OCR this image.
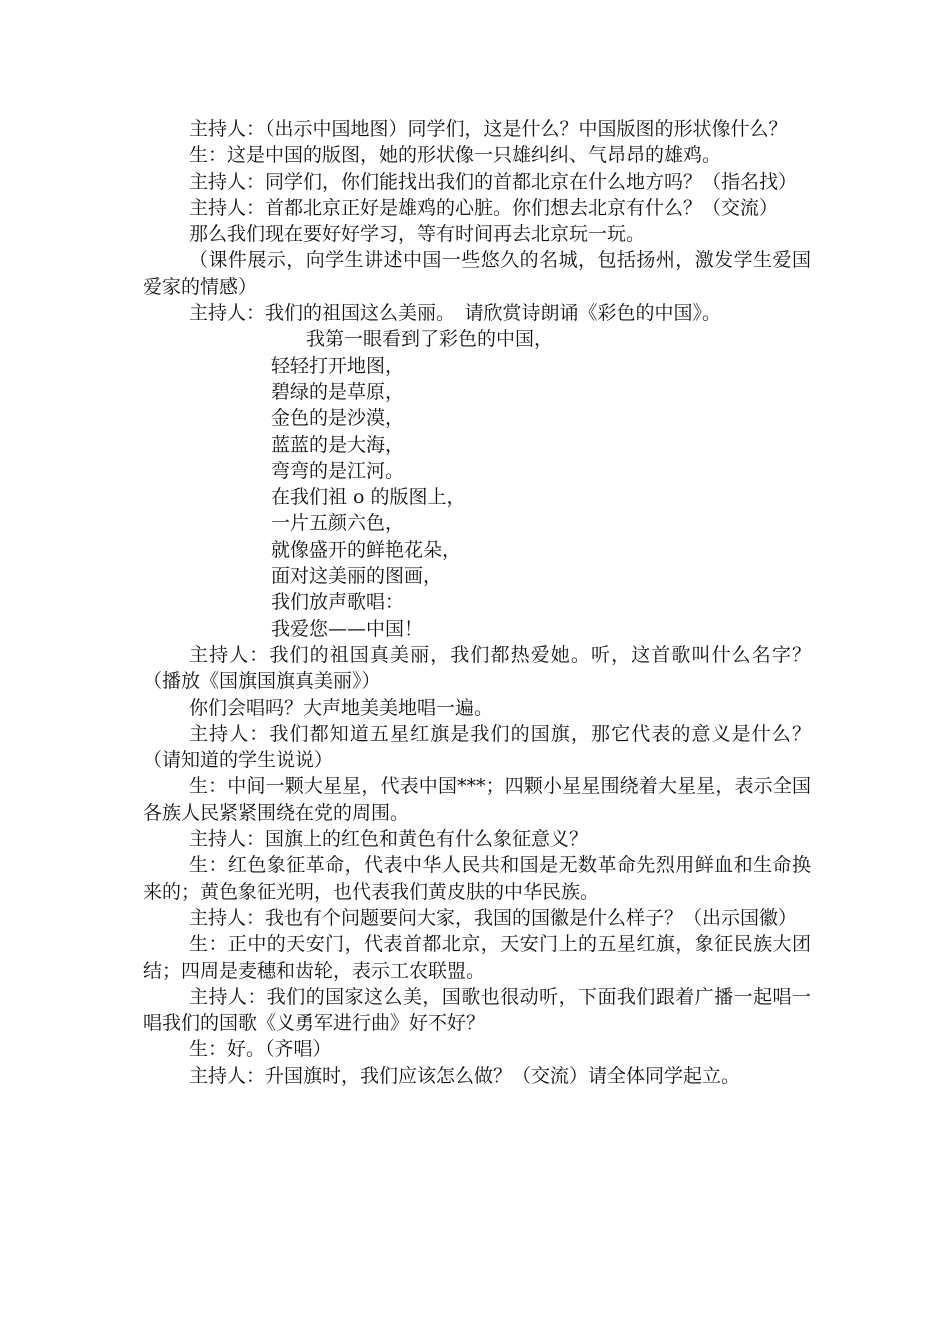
主持人：（出示中国地图）同学们，这是什么？中国版图的形状像什么？

生：这是中国的版图，她的形状像一只雄纠纠、气昂昂的雄鸡。

主持人：同学们，你们能找出我们的首都北京在什么地方吗？（指名找）

主持人：首都北京正好是雄鸡的心脏。你们想去北京有什么？（交流）

那么我们现在要好好学习，等有时间再去北京玩一玩。

（课件展示，向学生讲述中国一些悠久的名城，包括扬州，激发学生爱国爱家的情感）

主持人：我们的祖国这么美丽。　请欣赏诗朗诵《彩色的中国》。

我第一眼看到了彩色的中国，
轻轻打开地图，
碧绿的是草原，
金色的是沙漠，
蓝蓝的是大海，
弯弯的是江河。
在我们祖 o 的版图上，
一片五颜六色，
就像盛开的鲜艳花朵，
面对这美丽的图画，
我们放声歌唱：
我爱您——中国！

主持人：我们的祖国真美丽，我们都热爱她。听，这首歌叫什么名字？（播放《国旗国旗真美丽》）

你们会唱吗？大声地美美地唱一遍。

主持人：我们都知道五星红旗是我们的国旗，那它代表的意义是什么？（请知道的学生说说）

生：中间一颗大星星，代表中国***；四颗小星星围绕着大星星，表示全国各族人民紧紧围绕在党的周围。

主持人：国旗上的红色和黄色有什么象征意义？

生：红色象征革命，代表中华人民共和国是无数革命先烈用鲜血和生命换来的；黄色象征光明，也代表我们黄皮肤的中华民族。

主持人：我也有个问题要问大家，我国的国徽是什么样子？（出示国徽）

生：正中的天安门，代表首都北京，天安门上的五星红旗，象征民族大团结；四周是麦穗和齿轮，表示工农联盟。

主持人：我们的国家这么美，国歌也很动听，下面我们跟着广播一起唱一唱我们的国歌《义勇军进行曲》好不好？

生：好。（齐唱）

主持人：升国旗时，我们应该怎么做？（交流）请全体同学起立。
